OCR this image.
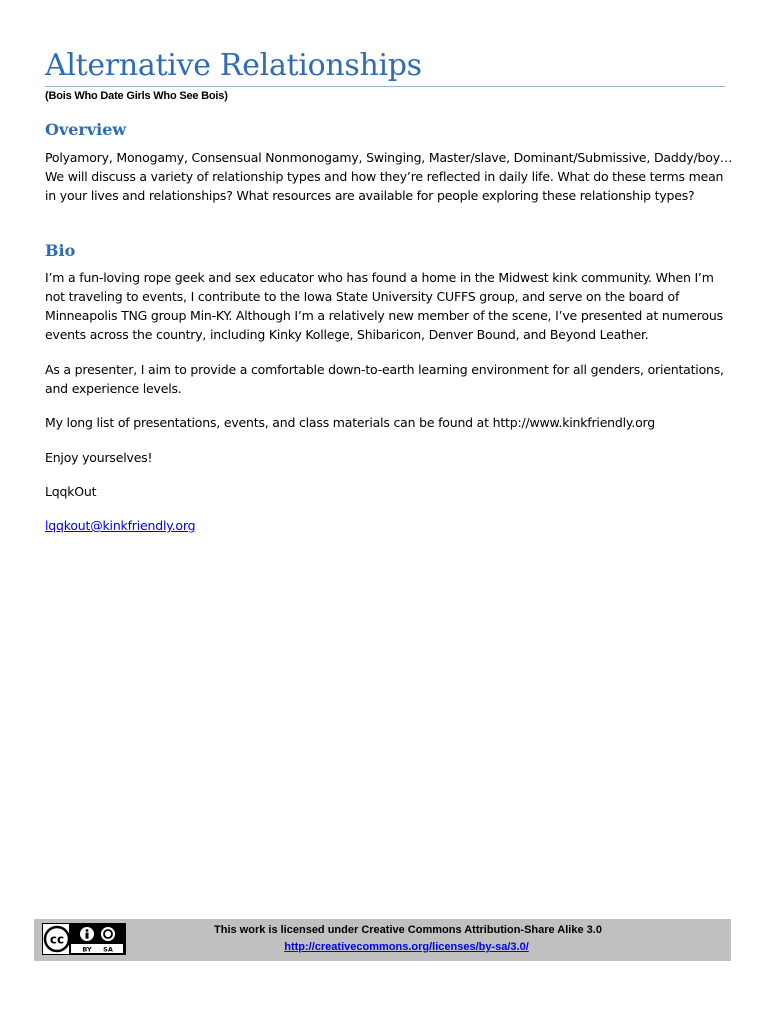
Alternative Relationships
(Bois Who Date Girls Who See Bois)
Overview

Polyamory, Monogamy, Consensual Nonmonogamy, Swinging, Master/slave, Dominant/Submissive, Daddy/boy… We will discuss a variety of relationship types and how they’re reflected in daily life. What do these terms mean in your lives and relationships? What resources are available for people exploring these relationship types?

Bio

I’m a fun-loving rope geek and sex educator who has found a home in the Midwest kink community. When I’m not traveling to events, I contribute to the Iowa State University CUFFS group, and serve on the board of Minneapolis TNG group Min-KY. Although I’m a relatively new member of the scene, I’ve presented at numerous events across the country, including Kinky Kollege, Shibaricon, Denver Bound, and Beyond Leather.

As a presenter, I aim to provide a comfortable down-to-earth learning environment for all genders, orientations, and experience levels.

My long list of presentations, events, and class materials can be found at http://www.kinkfriendly.org

Enjoy yourselves!

LqqkOut

lqqkout@kinkfriendly.org

cc
BY SA
This work is licensed under Creative Commons Attribution-Share Alike 3.0
http://creativecommons.org/licenses/by-sa/3.0/
